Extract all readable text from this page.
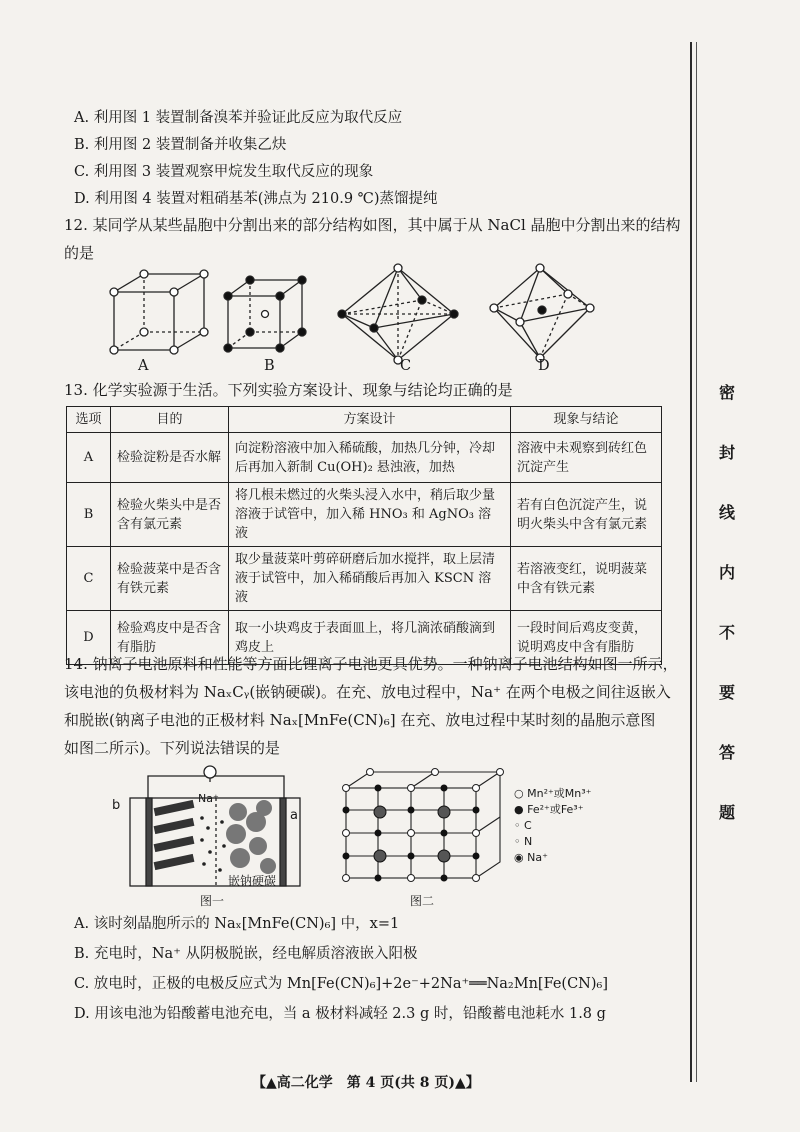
A. 利用图 1 装置制备溴苯并验证此反应为取代反应
B. 利用图 2 装置制备并收集乙炔
C. 利用图 3 装置观察甲烷发生取代反应的现象
D. 利用图 4 装置对粗硝基苯(沸点为 210.9 ℃)蒸馏提纯
12. 某同学从某些晶胞中分割出来的部分结构如图，其中属于从 NaCl 晶胞中分割出来的结构
的是
A	B	C	D
13. 化学实验源于生活。下列实验方案设计、现象与结论均正确的是
选项	目的	方案设计	现象与结论
A	检验淀粉是否水解	向淀粉溶液中加入稀硫酸，加热几分钟，冷却后再加入新制 Cu(OH)₂ 悬浊液，加热	溶液中未观察到砖红色沉淀产生
B	检验火柴头中是否含有氯元素	将几根未燃过的火柴头浸入水中，稍后取少量溶液于试管中，加入稀 HNO₃ 和 AgNO₃ 溶液	若有白色沉淀产生，说明火柴头中含有氯元素
C	检验菠菜中是否含有铁元素	取少量菠菜叶剪碎研磨后加水搅拌，取上层清液于试管中，加入稀硝酸后再加入 KSCN 溶液	若溶液变红，说明菠菜中含有铁元素
D	检验鸡皮中是否含有脂肪	取一小块鸡皮于表面皿上，将几滴浓硝酸滴到鸡皮上	一段时间后鸡皮变黄，说明鸡皮中含有脂肪
14. 钠离子电池原料和性能等方面比锂离子电池更具优势。一种钠离子电池结构如图一所示，
该电池的负极材料为 NaₓCᵧ(嵌钠硬碳)。在充、放电过程中，Na⁺ 在两个电极之间往返嵌入
和脱嵌(钠离子电池的正极材料 Naₓ[MnFe(CN)₆] 在充、放电过程中某时刻的晶胞示意图
如图二所示)。下列说法错误的是
b
a
Na⁺
嵌钠硬碳
图一
○ Mn²⁺或Mn³⁺
● Fe²⁺或Fe³⁺
◦ C
◦ N
◉ Na⁺
图二
A. 该时刻晶胞所示的 Naₓ[MnFe(CN)₆] 中，x=1
B. 充电时，Na⁺ 从阴极脱嵌，经电解质溶液嵌入阳极
C. 放电时，正极的电极反应式为 Mn[Fe(CN)₆]+2e⁻+2Na⁺══Na₂Mn[Fe(CN)₆]
D. 用该电池为铅酸蓄电池充电，当 a 极材料减轻 2.3 g 时，铅酸蓄电池耗水 1.8 g
密
封
线
内
不
要
答
题
【▲高二化学　第 4 页(共 8 页)▲】
